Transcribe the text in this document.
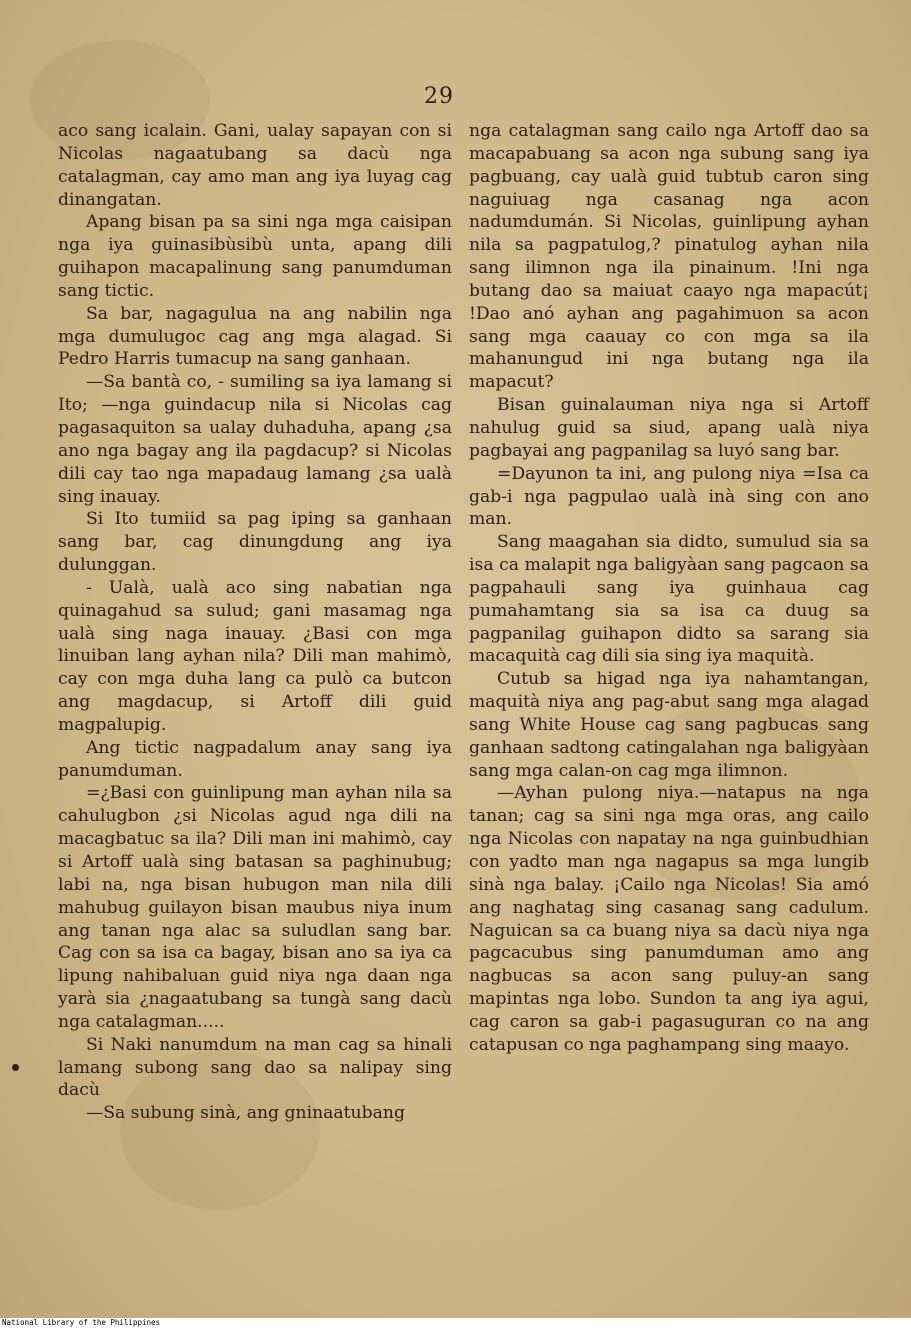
29

aco sang icalain. Gani, ualay sapayan con si Nicolas nagaatubang sa dacù nga catalagman, cay amo man ang iya luyag cag dinangatan.

Apang bisan pa sa sini nga mga caisipan nga iya guinasibùsibù unta, apang dili guihapon macapalinung sang panumduman sang tictic.

Sa bar, nagagulua na ang nabilin nga mga dumulugoc cag ang mga alagad. Si Pedro Harris tumacup na sang ganhaan.

—Sa bantà co, - sumiling sa iya lamang si Ito; —nga guindacup nila si Nicolas cag pagasaquiton sa ualay duhaduha, apang ¿sa ano nga bagay ang ila pagdacup? si Nicolas dili cay tao nga mapadaug lamang ¿sa ualà sing inauay.

Si Ito tumiid sa pag iping sa ganhaan sang bar, cag dinungdung ang iya dulunggan.

- Ualà, ualà aco sing nabatian nga quinagahud sa sulud; gani masamag nga ualà sing naga inauay. ¿Basi con mga linuiban lang ayhan nila? Dili man mahimò, cay con mga duha lang ca pulò ca butcon ang magdacup, si Artoff dili guid magpalupig.

Ang tictic nagpadalum anay sang iya panumduman.

=¿Basi con guinlipung man ayhan nila sa cahulugbon ¿si Nicolas agud nga dili na macagbatuc sa ila? Dili man ini mahimò, cay si Artoff ualà sing batasan sa paghinubug; labi na, nga bisan hubugon man nila dili mahubug guilayon bisan maubus niya inum ang tanan nga alac sa suludlan sang bar. Cag con sa isa ca bagay, bisan ano sa iya ca lipung nahibaluan guid niya nga daan nga yarà sia ¿nagaatubang sa tungà sang dacù nga catalagman.....

Si Naki nanumdum na man cag sa hinali lamang subong sang dao sa nalipay sing dacù

—Sa subung sinà, ang gninaatubang

nga catalagman sang cailo nga Artoff dao sa macapabuang sa acon nga subung sang iya pagbuang, cay ualà guid tubtub caron sing naguiuag nga casanag nga acon nadumdumán. Si Nicolas, guinlipung ayhan nila sa pagpatulog,? pinatulog ayhan nila sang ilimnon nga ila pinainum. !Ini nga butang dao sa maiuat caayo nga mapacút¡ !Dao anó ayhan ang pagahimuon sa acon sang mga caauay co con mga sa ila mahanungud ini nga butang nga ila mapacut?

Bisan guinalauman niya nga si Artoff nahulug guid sa siud, apang ualà niya pagbayai ang pagpanilag sa luyó sang bar.

=Dayunon ta ini, ang pulong niya =Isa ca gab-i nga pagpulao ualà inà sing con ano man.

Sang maagahan sia didto, sumulud sia sa isa ca malapit nga baligyàan sang pagcaon sa pagpahauli sang iya guinhaua cag pumahamtang sia sa isa ca duug sa pagpanilag guihapon didto sa sarang sia macaquità cag dili sia sing iya maquità.

Cutub sa higad nga iya nahamtangan, maquità niya ang pag-abut sang mga alagad sang White House cag sang pagbucas sang ganhaan sadtong catingalahan nga baligyàan sang mga calan-on cag mga ilimnon.

—Ayhan pulong niya.—natapus na nga tanan; cag sa sini nga mga oras, ang cailo nga Nicolas con napatay na nga guinbudhian con yadto man nga nagapus sa mga lungib sinà nga balay. ¡Cailo nga Nicolas! Sia amó ang naghatag sing casanag sang cadulum. Naguican sa ca buang niya sa dacù niya nga pagcacubus sing panumduman amo ang nagbucas sa acon sang puluy-an sang mapintas nga lobo. Sundon ta ang iya agui, cag caron sa gab-i pagasuguran co na ang catapusan co nga paghampang sing maayo.

National Library of the Philippines
